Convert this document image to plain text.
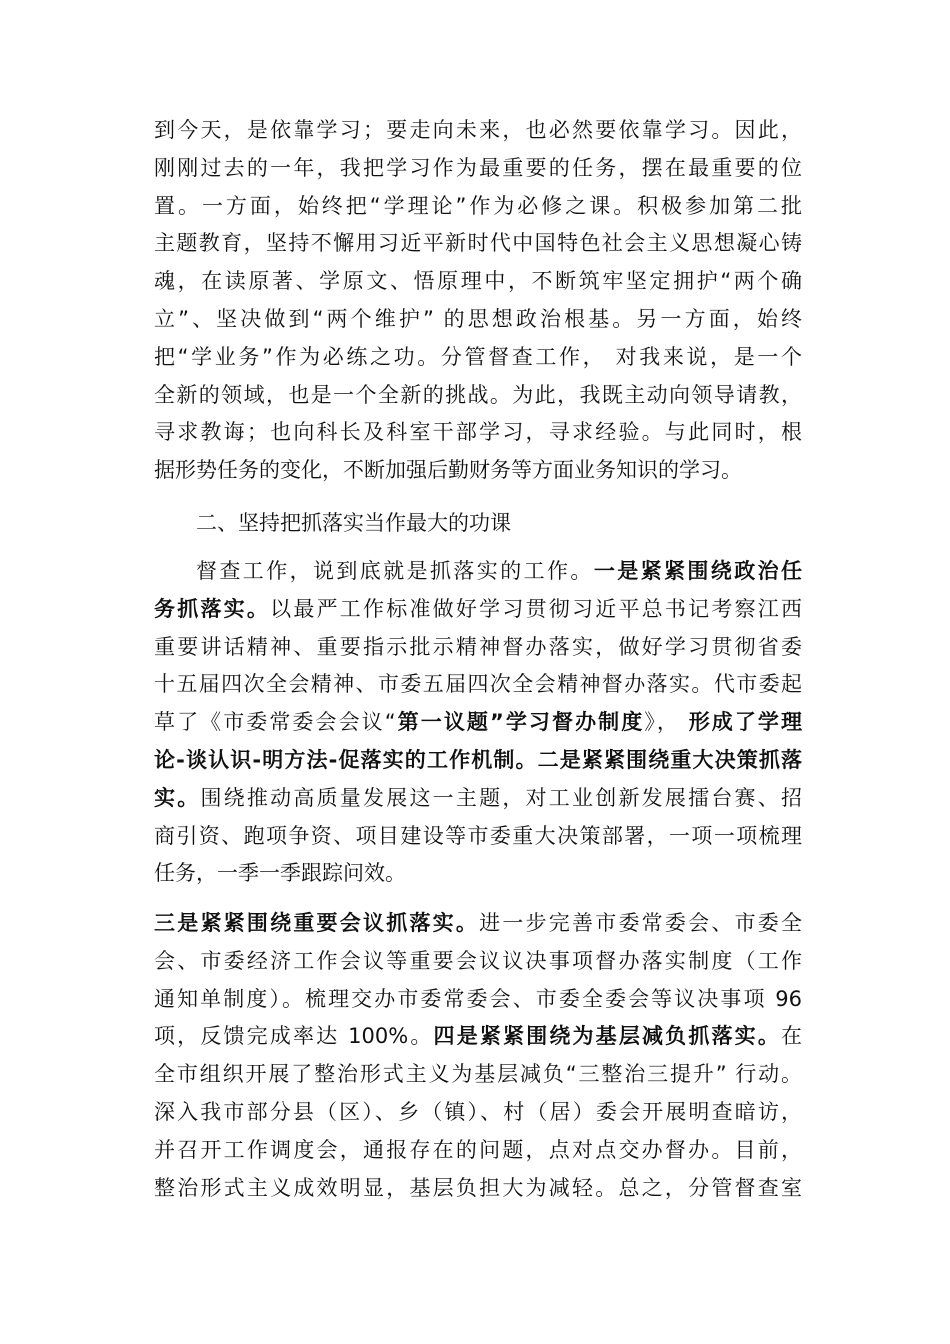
到今天，是依靠学习；要走向未来，也必然要依靠学习。因此，
刚刚过去的一年，我把学习作为最重要的任务，摆在最重要的位
置。一方面，始终把“学理论”作为必修之课。积极参加第二批
主题教育，坚持不懈用习近平新时代中国特色社会主义思想凝心铸
魂，在读原著、学原文、悟原理中，不断筑牢坚定拥护“两个确
立”、坚决做到“两个维护” 的思想政治根基。另一方面，始终
把“学业务”作为必练之功。分管督查工作， 对我来说，是一个
全新的领域，也是一个全新的挑战。为此，我既主动向领导请教，
寻求教诲；也向科长及科室干部学习，寻求经验。与此同时，根
据形势任务的变化，不断加强后勤财务等方面业务知识的学习。
二、坚持把抓落实当作最大的功课
督查工作，说到底就是抓落实的工作。一是紧紧围绕政治任
务抓落实。以最严工作标准做好学习贯彻习近平总书记考察江西
重要讲话精神、重要指示批示精神督办落实，做好学习贯彻省委
十五届四次全会精神、市委五届四次全会精神督办落实。代市委起
草了《市委常委会会议“第一议题”学习督办制度》， 形成了学理
论-谈认识-明方法-促落实的工作机制。二是紧紧围绕重大决策抓落
实。围绕推动高质量发展这一主题，对工业创新发展擂台赛、招
商引资、跑项争资、项目建设等市委重大决策部署，一项一项梳理
任务，一季一季跟踪问效。
三是紧紧围绕重要会议抓落实。进一步完善市委常委会、市委全
会、市委经济工作会议等重要会议议决事项督办落实制度（工作
通知单制度）。梳理交办市委常委会、市委全委会等议决事项 96
项，反馈完成率达 100%。四是紧紧围绕为基层减负抓落实。在
全市组织开展了整治形式主义为基层减负“三整治三提升” 行动。
深入我市部分县（区）、乡（镇）、村（居）委会开展明查暗访，
并召开工作调度会，通报存在的问题，点对点交办督办。目前，
整治形式主义成效明显，基层负担大为减轻。总之，分管督查室
